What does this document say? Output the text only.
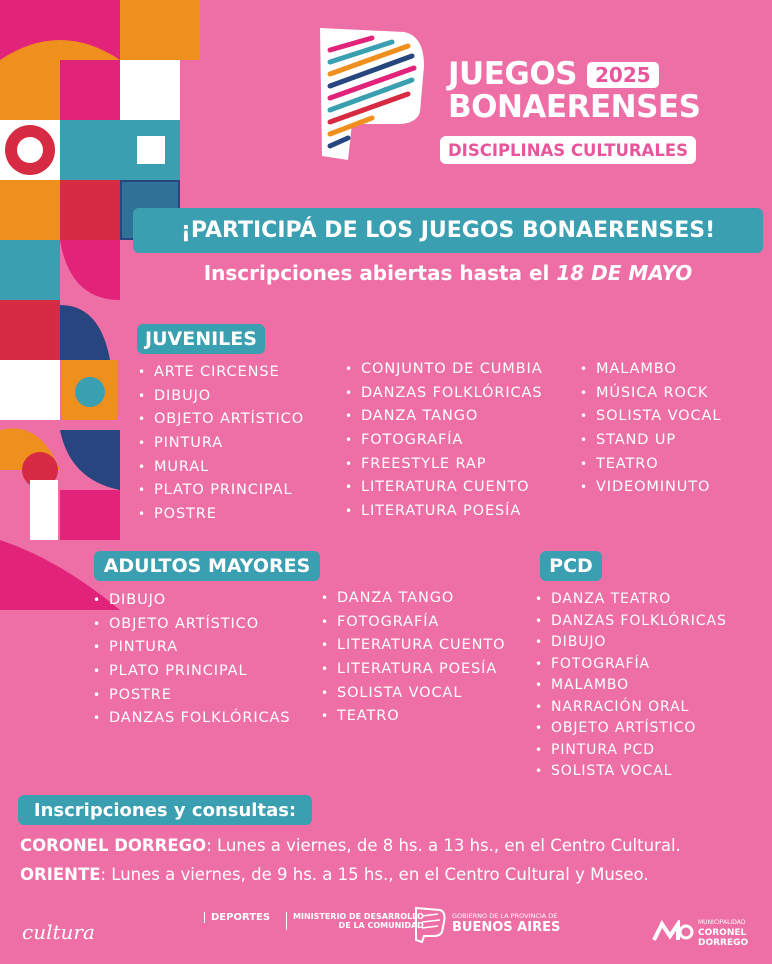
JUEGOS 2025
BONAERENSES
DISCIPLINAS CULTURALES
¡PARTICIPÁ DE LOS JUEGOS BONAERENSES!
Inscripciones abiertas hasta el 18 DE MAYO
JUVENILES
• ARTE CIRCENSE
• DIBUJO
• OBJETO ARTÍSTICO
• PINTURA
• MURAL
• PLATO PRINCIPAL
• POSTRE
• CONJUNTO DE CUMBIA
• DANZAS FOLKLÓRICAS
• DANZA TANGO
• FOTOGRAFÍA
• FREESTYLE RAP
• LITERATURA CUENTO
• LITERATURA POESÍA
• MALAMBO
• MÚSICA ROCK
• SOLISTA VOCAL
• STAND UP
• TEATRO
• VIDEOMINUTO
ADULTOS MAYORES
• DIBUJO
• OBJETO ARTÍSTICO
• PINTURA
• PLATO PRINCIPAL
• POSTRE
• DANZAS FOLKLÓRICAS
• DANZA TANGO
• FOTOGRAFÍA
• LITERATURA CUENTO
• LITERATURA POESÍA
• SOLISTA VOCAL
• TEATRO
PCD
• DANZA TEATRO
• DANZAS FOLKLÓRICAS
• DIBUJO
• FOTOGRAFÍA
• MALAMBO
• NARRACIÓN ORAL
• OBJETO ARTÍSTICO
• PINTURA PCD
• SOLISTA VOCAL
Inscripciones y consultas:
CORONEL DORREGO: Lunes a viernes, de 8 hs. a 13 hs., en el Centro Cultural.
ORIENTE: Lunes a viernes, de 9 hs. a 15 hs., en el Centro Cultural y Museo.
cultura
DEPORTES	MINISTERIO DE DESARROLLO
DE LA COMUNIDAD
GOBIERNO DE LA PROVINCIA DE
BUENOS AIRES	MUNICIPALIDAD
CORONEL
DORREGO
